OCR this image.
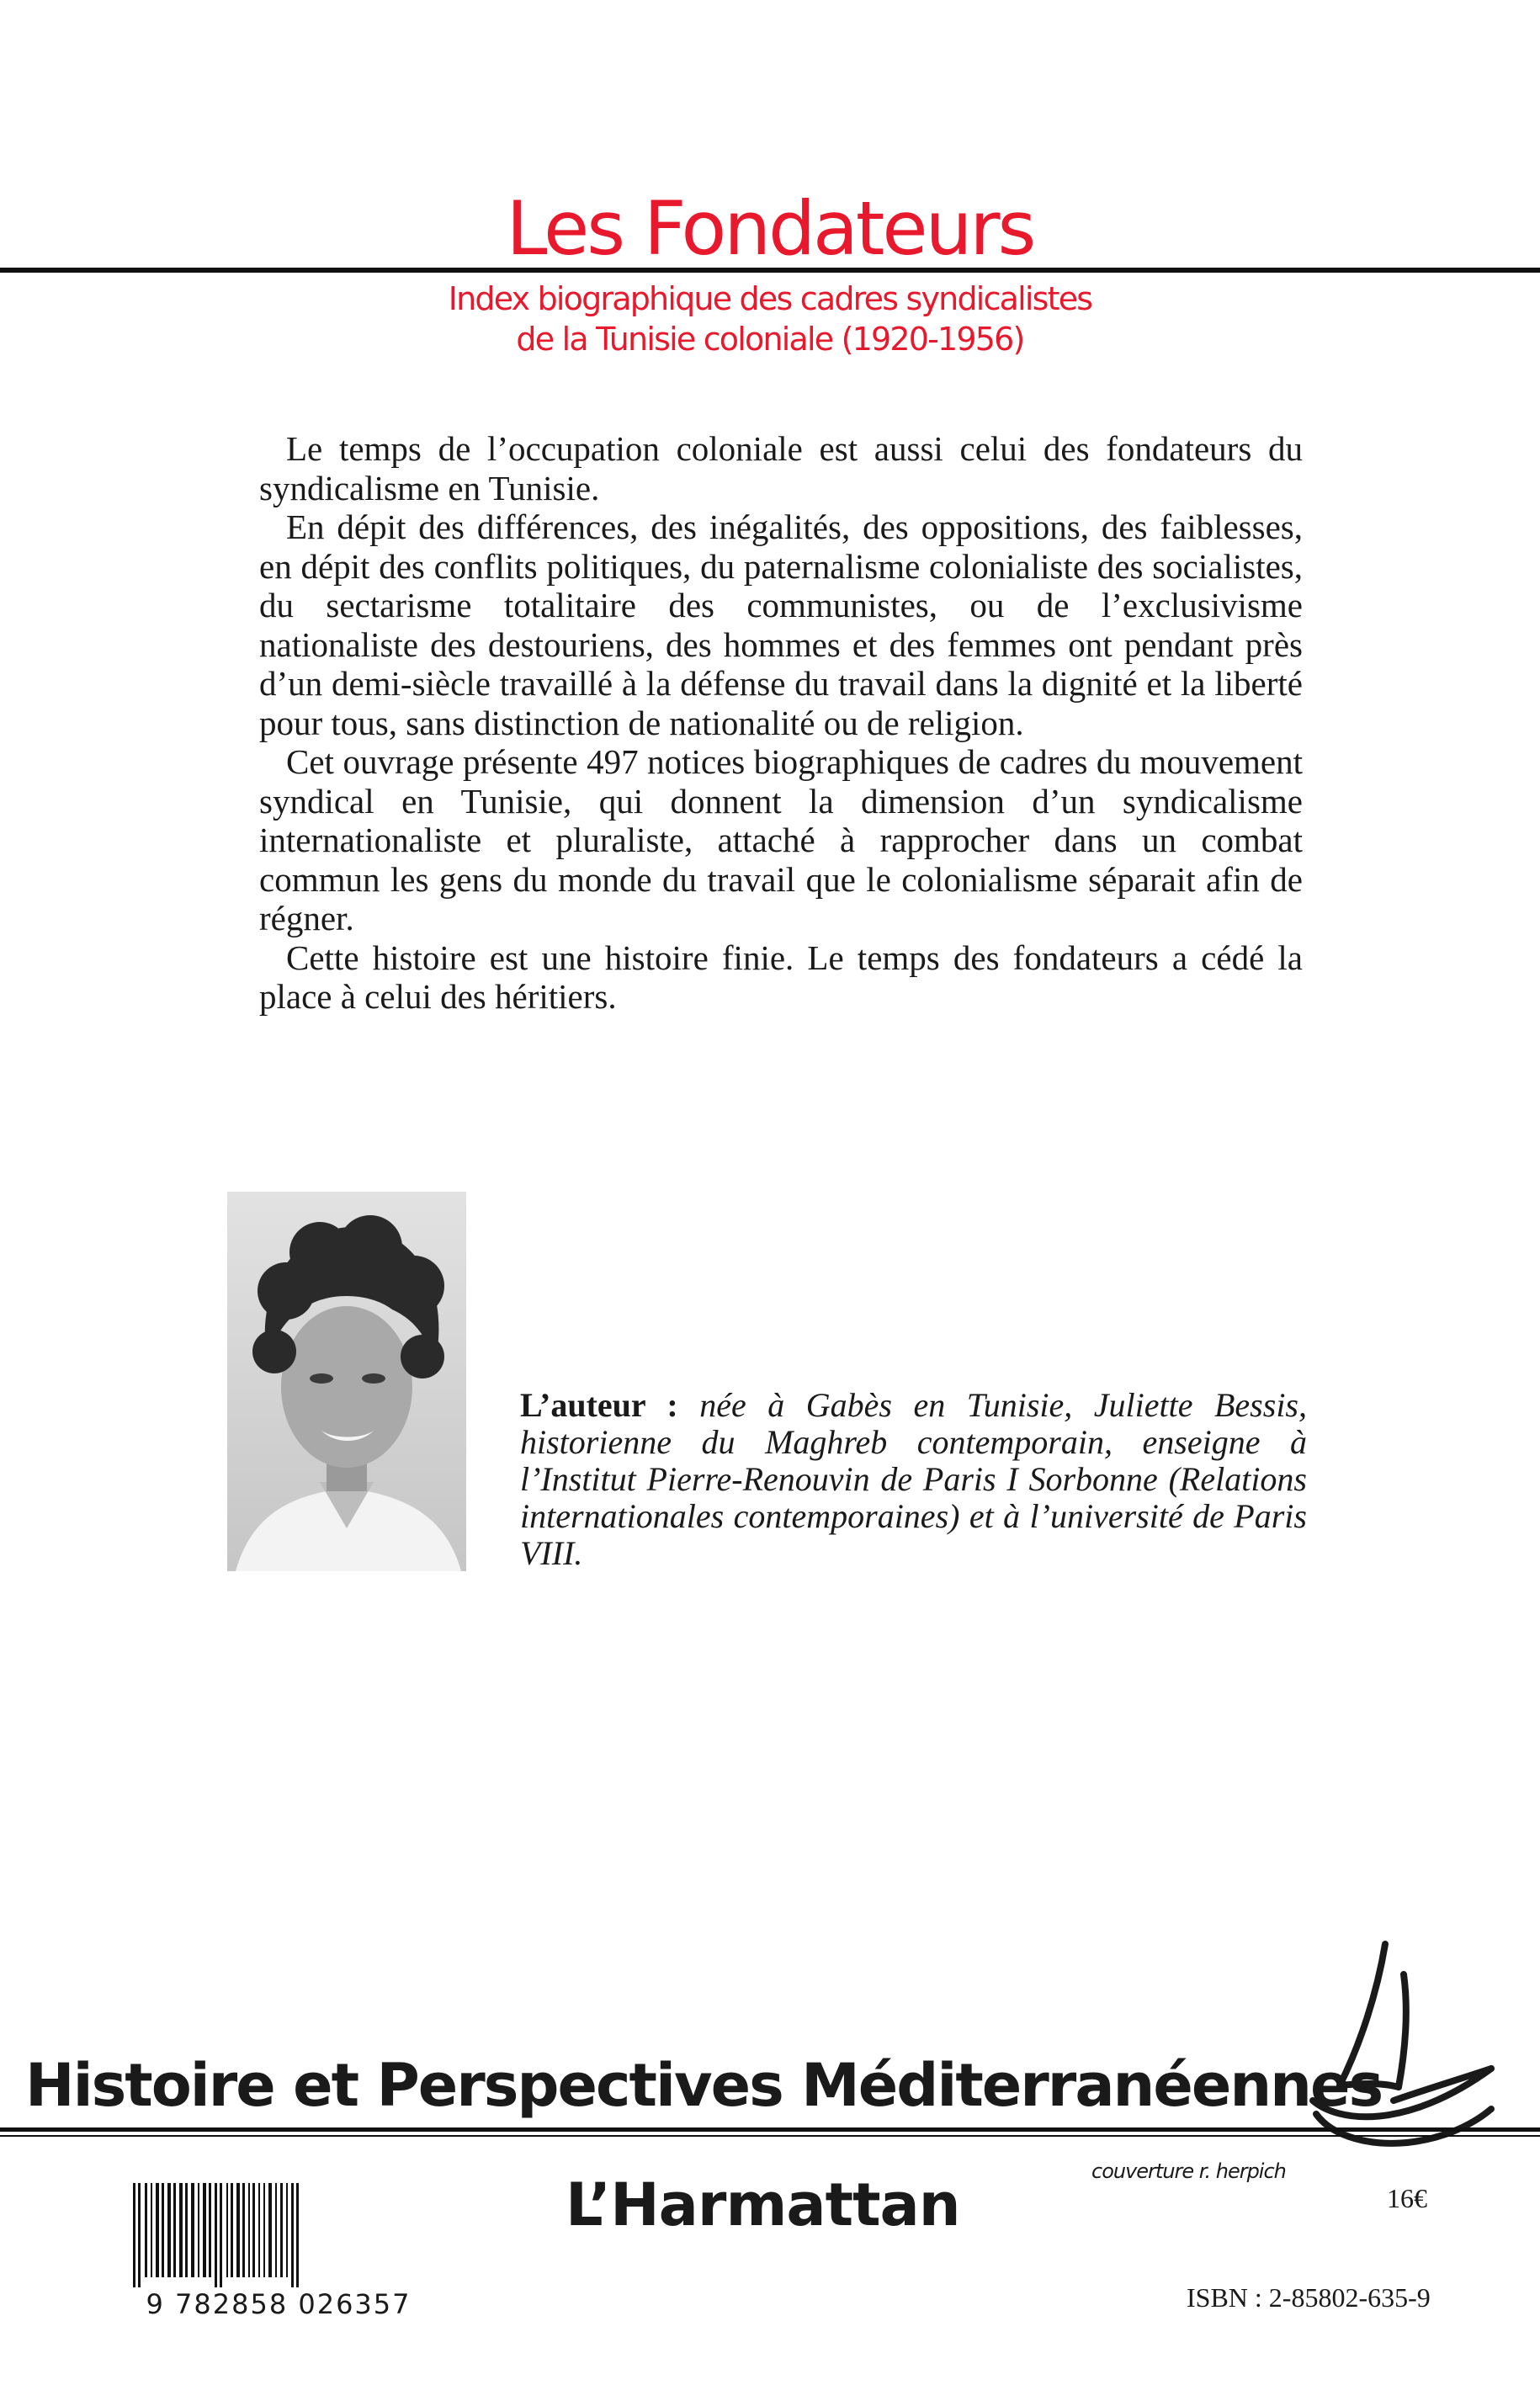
Les Fondateurs
Index biographique des cadres syndicalistes
de la Tunisie coloniale (1920-1956)

Le temps de l’occupation coloniale est aussi celui des fondateurs du syndicalisme en Tunisie.

En dépit des différences, des inégalités, des oppositions, des faiblesses, en dépit des conflits politiques, du paternalisme colonialiste des socialistes, du sectarisme totalitaire des communistes, ou de l’exclusivisme nationaliste des destouriens, des hommes et des femmes ont pendant près d’un demi-siècle travaillé à la défense du travail dans la dignité et la liberté pour tous, sans distinction de nationalité ou de religion.

Cet ouvrage présente 497 notices biographiques de cadres du mouvement syndical en Tunisie, qui donnent la dimension d’un syndicalisme internationaliste et pluraliste, attaché à rapprocher dans un combat commun les gens du monde du travail que le colonialisme séparait afin de régner.

Cette histoire est une histoire finie. Le temps des fondateurs a cédé la place à celui des héritiers.

L’auteur : née à Gabès en Tunisie, Juliette Bessis, historienne du Maghreb contemporain, enseigne à l’Institut Pierre-Renouvin de Paris I Sorbonne (Relations internationales contemporaines) et à l’université de Paris VIII.
Histoire et Perspectives Méditerranéennes
couverture r. herpich
L’Harmattan
9 782858 026357
16€
ISBN : 2-85802-635-9
